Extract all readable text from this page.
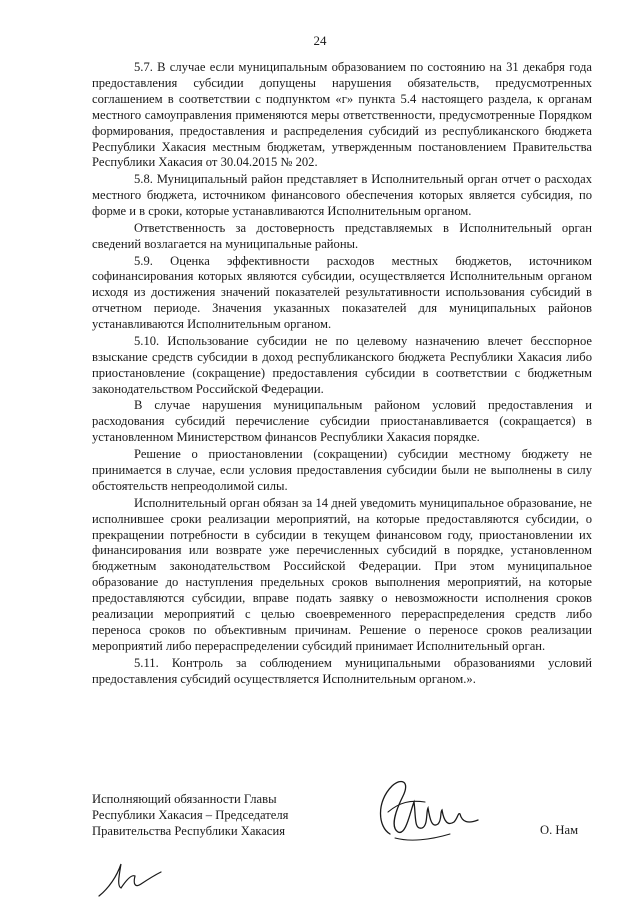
24

5.7. В случае если муниципальным образованием по состоянию на 31 декабря года предоставления субсидии допущены нарушения обязательств, предусмотренных соглашением в соответствии с подпунктом «г» пункта 5.4 настоящего раздела, к органам местного самоуправления применяются меры ответственности, предусмотренные Порядком формирования, предоставления и распределения субсидий из республиканского бюджета Республики Хакасия местным бюджетам, утвержденным постановлением Правительства Республики Хакасия от 30.04.2015 № 202.

5.8. Муниципальный район представляет в Исполнительный орган отчет о расходах местного бюджета, источником финансового обеспечения которых является субсидия, по форме и в сроки, которые устанавливаются Исполнительным органом.

Ответственность за достоверность представляемых в Исполнительный орган сведений возлагается на муниципальные районы.

5.9. Оценка эффективности расходов местных бюджетов, источником софинансирования которых являются субсидии, осуществляется Исполнительным органом исходя из достижения значений показателей результативности использования субсидий в отчетном периоде. Значения указанных показателей для муниципальных районов устанавливаются Исполнительным органом.

5.10. Использование субсидии не по целевому назначению влечет бесспорное взыскание средств субсидии в доход республиканского бюджета Республики Хакасия либо приостановление (сокращение) предоставления субсидии в соответствии с бюджетным законодательством Российской Федерации.

В случае нарушения муниципальным районом условий предоставления и расходования субсидий перечисление субсидии приостанавливается (сокращается) в установленном Министерством финансов Республики Хакасия порядке.

Решение о приостановлении (сокращении) субсидии местному бюджету не принимается в случае, если условия предоставления субсидии были не выполнены в силу обстоятельств непреодолимой силы.

Исполнительный орган обязан за 14 дней уведомить муниципальное образование, не исполнившее сроки реализации мероприятий, на которые предоставляются субсидии, о прекращении потребности в субсидии в текущем финансовом году, приостановлении их финансирования или возврате уже перечисленных субсидий в порядке, установленном бюджетным законодательством Российской Федерации. При этом муниципальное образование до наступления предельных сроков выполнения мероприятий, на которые предоставляются субсидии, вправе подать заявку о невозможности исполнения сроков реализации мероприятий с целью своевременного перераспределения средств либо переноса сроков по объективным причинам. Решение о переносе сроков реализации мероприятий либо перераспределении субсидий принимает Исполнительный орган.

5.11. Контроль за соблюдением муниципальными образованиями условий предоставления субсидий осуществляется Исполнительным органом.».

Исполняющий обязанности Главы
Республики Хакасия – Председателя
Правительства Республики Хакасия	О. Нам
